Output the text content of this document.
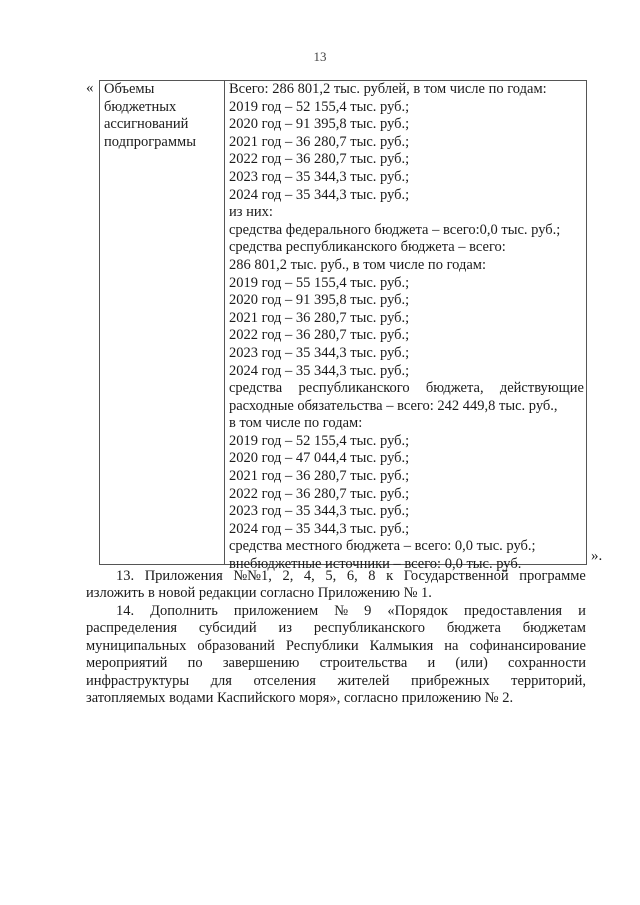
13
« Объемы
бюджетных
ассигнований
подпрограммы
Всего: 286 801,2 тыс. рублей, в том числе по годам:
2019 год – 52 155,4 тыс. руб.;
2020 год – 91 395,8 тыс. руб.;
2021 год – 36 280,7 тыс. руб.;
2022 год – 36 280,7 тыс. руб.;
2023 год – 35 344,3 тыс. руб.;
2024 год – 35 344,3 тыс. руб.;
из них:
средства федерального бюджета – всего:0,0 тыс. руб.;
средства республиканского бюджета – всего:
286 801,2 тыс. руб., в том числе по годам:
2019 год – 55 155,4 тыс. руб.;
2020 год – 91 395,8 тыс. руб.;
2021 год – 36 280,7 тыс. руб.;
2022 год – 36 280,7 тыс. руб.;
2023 год – 35 344,3 тыс. руб.;
2024 год – 35 344,3 тыс. руб.;
средства республиканского бюджета, действующие
расходные обязательства – всего: 242 449,8 тыс. руб.,
в том числе по годам:
2019 год – 52 155,4 тыс. руб.;
2020 год – 47 044,4 тыс. руб.;
2021 год – 36 280,7 тыс. руб.;
2022 год – 36 280,7 тыс. руб.;
2023 год – 35 344,3 тыс. руб.;
2024 год – 35 344,3 тыс. руб.;
средства местного бюджета – всего: 0,0 тыс. руб.;
внебюджетные источники – всего: 0,0 тыс. руб.
».
13. Приложения №№1, 2, 4, 5, 6, 8 к Государственной программе
изложить в новой редакции согласно Приложению № 1.
14. Дополнить приложением № 9 «Порядок предоставления и
распределения субсидий из республиканского бюджета бюджетам
муниципальных образований Республики Калмыкия на софинансирование
мероприятий по завершению строительства и (или) сохранности
инфраструктуры для отселения жителей прибрежных территорий,
затопляемых водами Каспийского моря», согласно приложению № 2.
